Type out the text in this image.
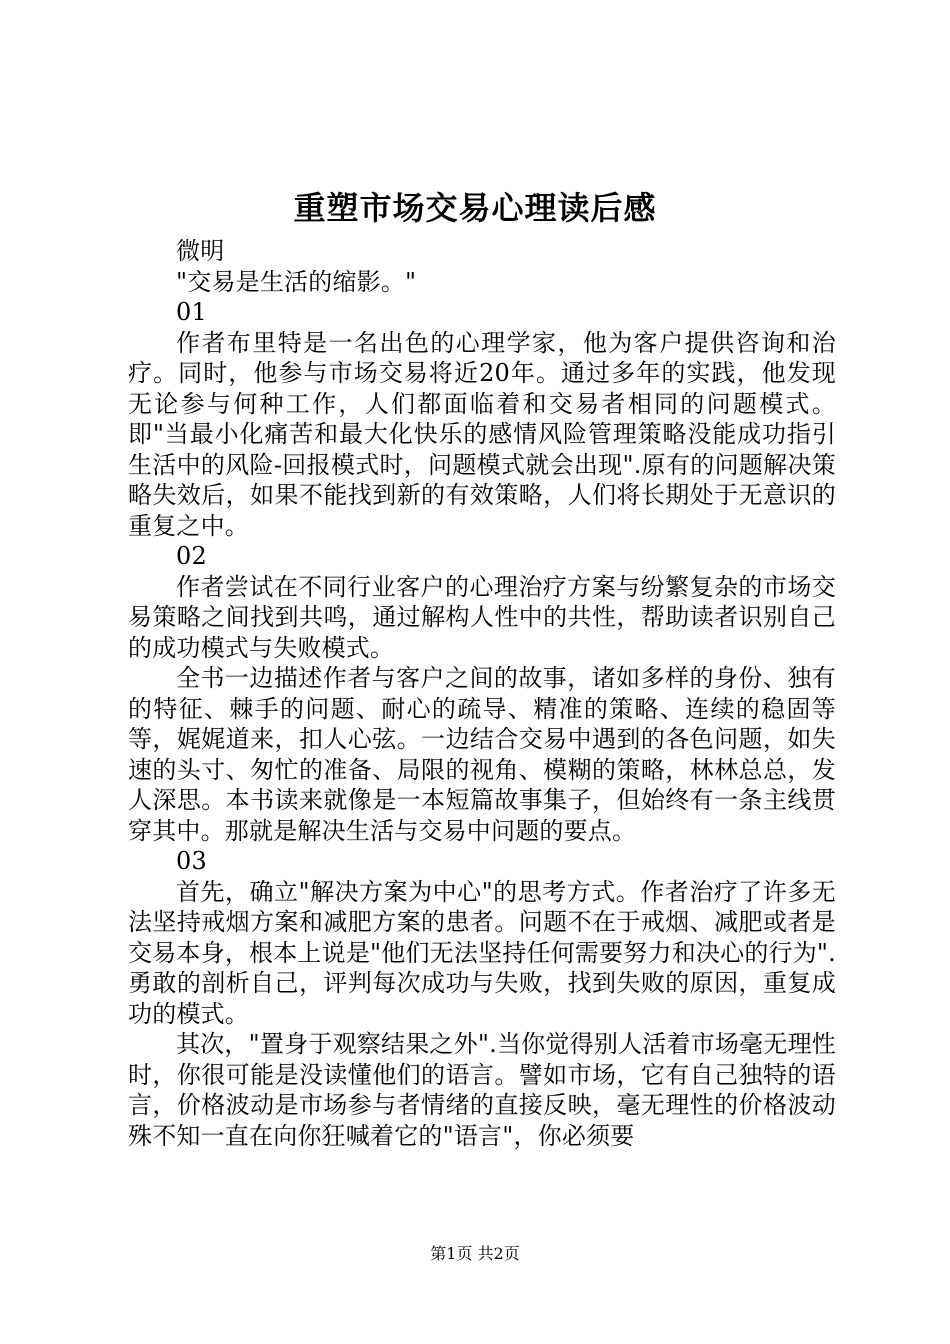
重塑市场交易心理读后感

微明

"交易是生活的缩影。"

01

作者布里特是一名出色的心理学家，他为客户提供咨询和治疗。同时，他参与市场交易将近20年。通过多年的实践，他发现无论参与何种工作，人们都面临着和交易者相同的问题模式。即"当最小化痛苦和最大化快乐的感情风险管理策略没能成功指引生活中的风险-回报模式时，问题模式就会出现".原有的问题解决策略失效后，如果不能找到新的有效策略，人们将长期处于无意识的重复之中。

02

作者尝试在不同行业客户的心理治疗方案与纷繁复杂的市场交易策略之间找到共鸣，通过解构人性中的共性，帮助读者识别自己的成功模式与失败模式。

全书一边描述作者与客户之间的故事，诸如多样的身份、独有的特征、棘手的问题、耐心的疏导、精准的策略、连续的稳固等等，娓娓道来，扣人心弦。一边结合交易中遇到的各色问题，如失速的头寸、匆忙的准备、局限的视角、模糊的策略，林林总总，发人深思。本书读来就像是一本短篇故事集子，但始终有一条主线贯穿其中。那就是解决生活与交易中问题的要点。

03

首先，确立"解决方案为中心"的思考方式。作者治疗了许多无法坚持戒烟方案和减肥方案的患者。问题不在于戒烟、减肥或者是交易本身，根本上说是"他们无法坚持任何需要努力和决心的行为".勇敢的剖析自己，评判每次成功与失败，找到失败的原因，重复成功的模式。

其次，"置身于观察结果之外".当你觉得别人活着市场毫无理性时，你很可能是没读懂他们的语言。譬如市场，它有自己独特的语言，价格波动是市场参与者情绪的直接反映，毫无理性的价格波动殊不知一直在向你狂喊着它的"语言"，你必须要

第1页 共2页
